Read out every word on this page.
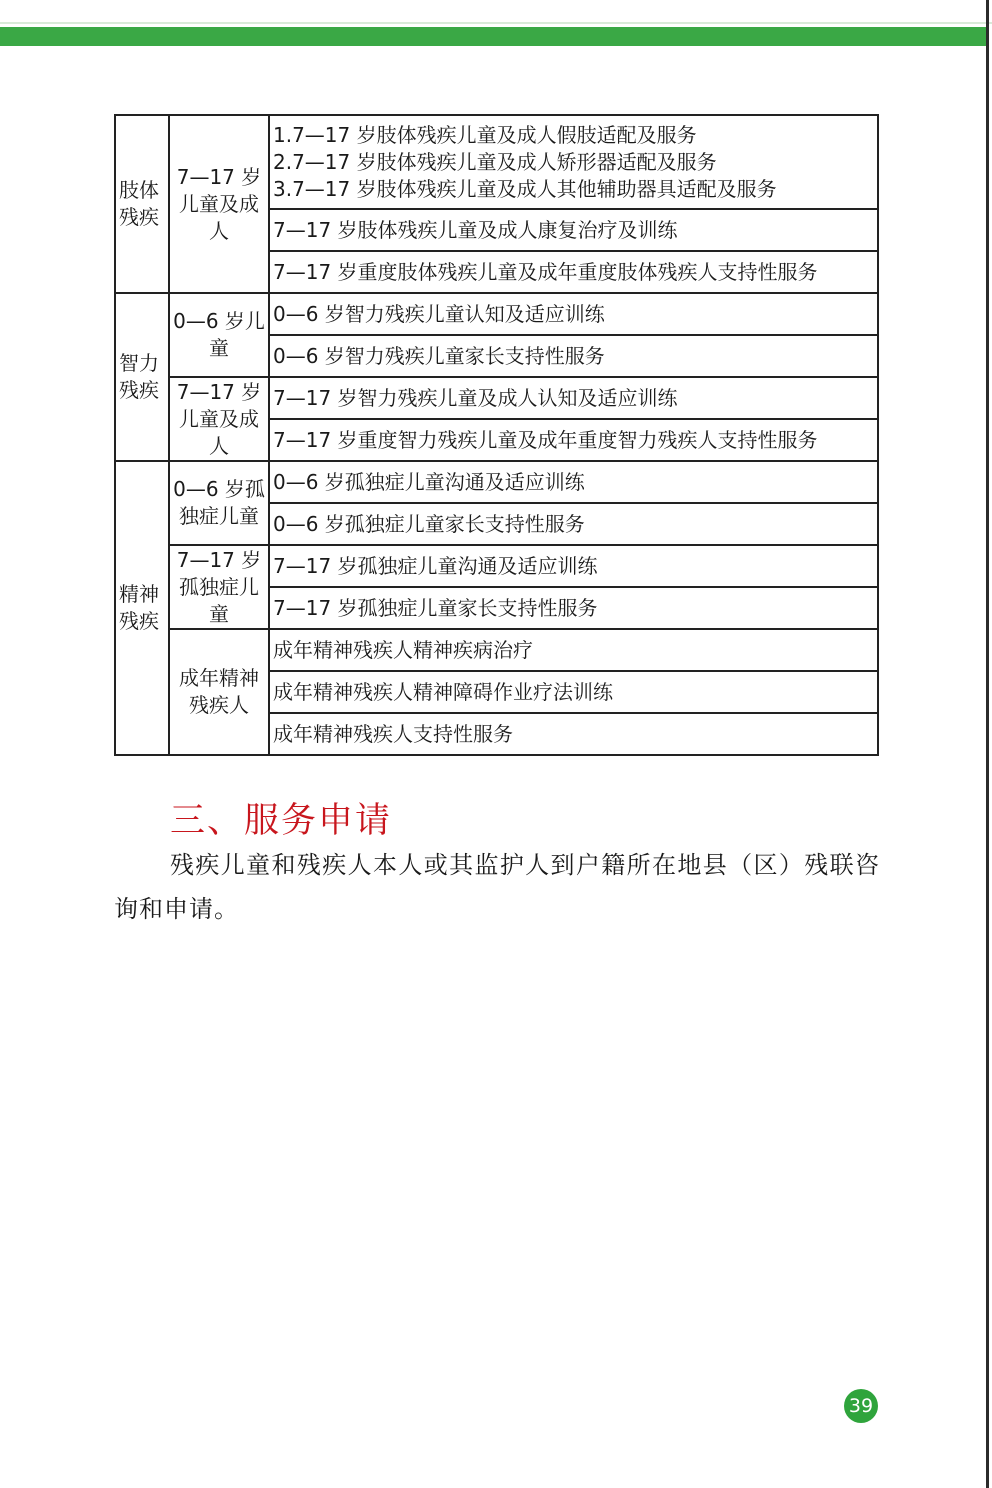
肢体残疾	7—17 岁儿童及成人	1.7—17 岁肢体残疾儿童及成人假肢适配及服务
2.7—17 岁肢体残疾儿童及成人矫形器适配及服务
3.7—17 岁肢体残疾儿童及成人其他辅助器具适配及服务

		7—17 岁肢体残疾儿童及成人康复治疗及训练
		7—17 岁重度肢体残疾儿童及成年重度肢体残疾人支持性服务
智力残疾	0—6 岁儿童	0—6 岁智力残疾儿童认知及适应训练
		0—6 岁智力残疾儿童家长支持性服务
	7—17 岁儿童及成人	7—17 岁智力残疾儿童及成人认知及适应训练
		7—17 岁重度智力残疾儿童及成年重度智力残疾人支持性服务
精神残疾	0—6 岁孤独症儿童	0—6 岁孤独症儿童沟通及适应训练
		0—6 岁孤独症儿童家长支持性服务
	7—17 岁孤独症儿童	7—17 岁孤独症儿童沟通及适应训练
		7—17 岁孤独症儿童家长支持性服务
	成年精神残疾人	成年精神残疾人精神疾病治疗
		成年精神残疾人精神障碍作业疗法训练
		成年精神残疾人支持性服务
三、服务申请

残疾儿童和残疾人本人或其监护人到户籍所在地县（区）残联咨询和申请。

39
